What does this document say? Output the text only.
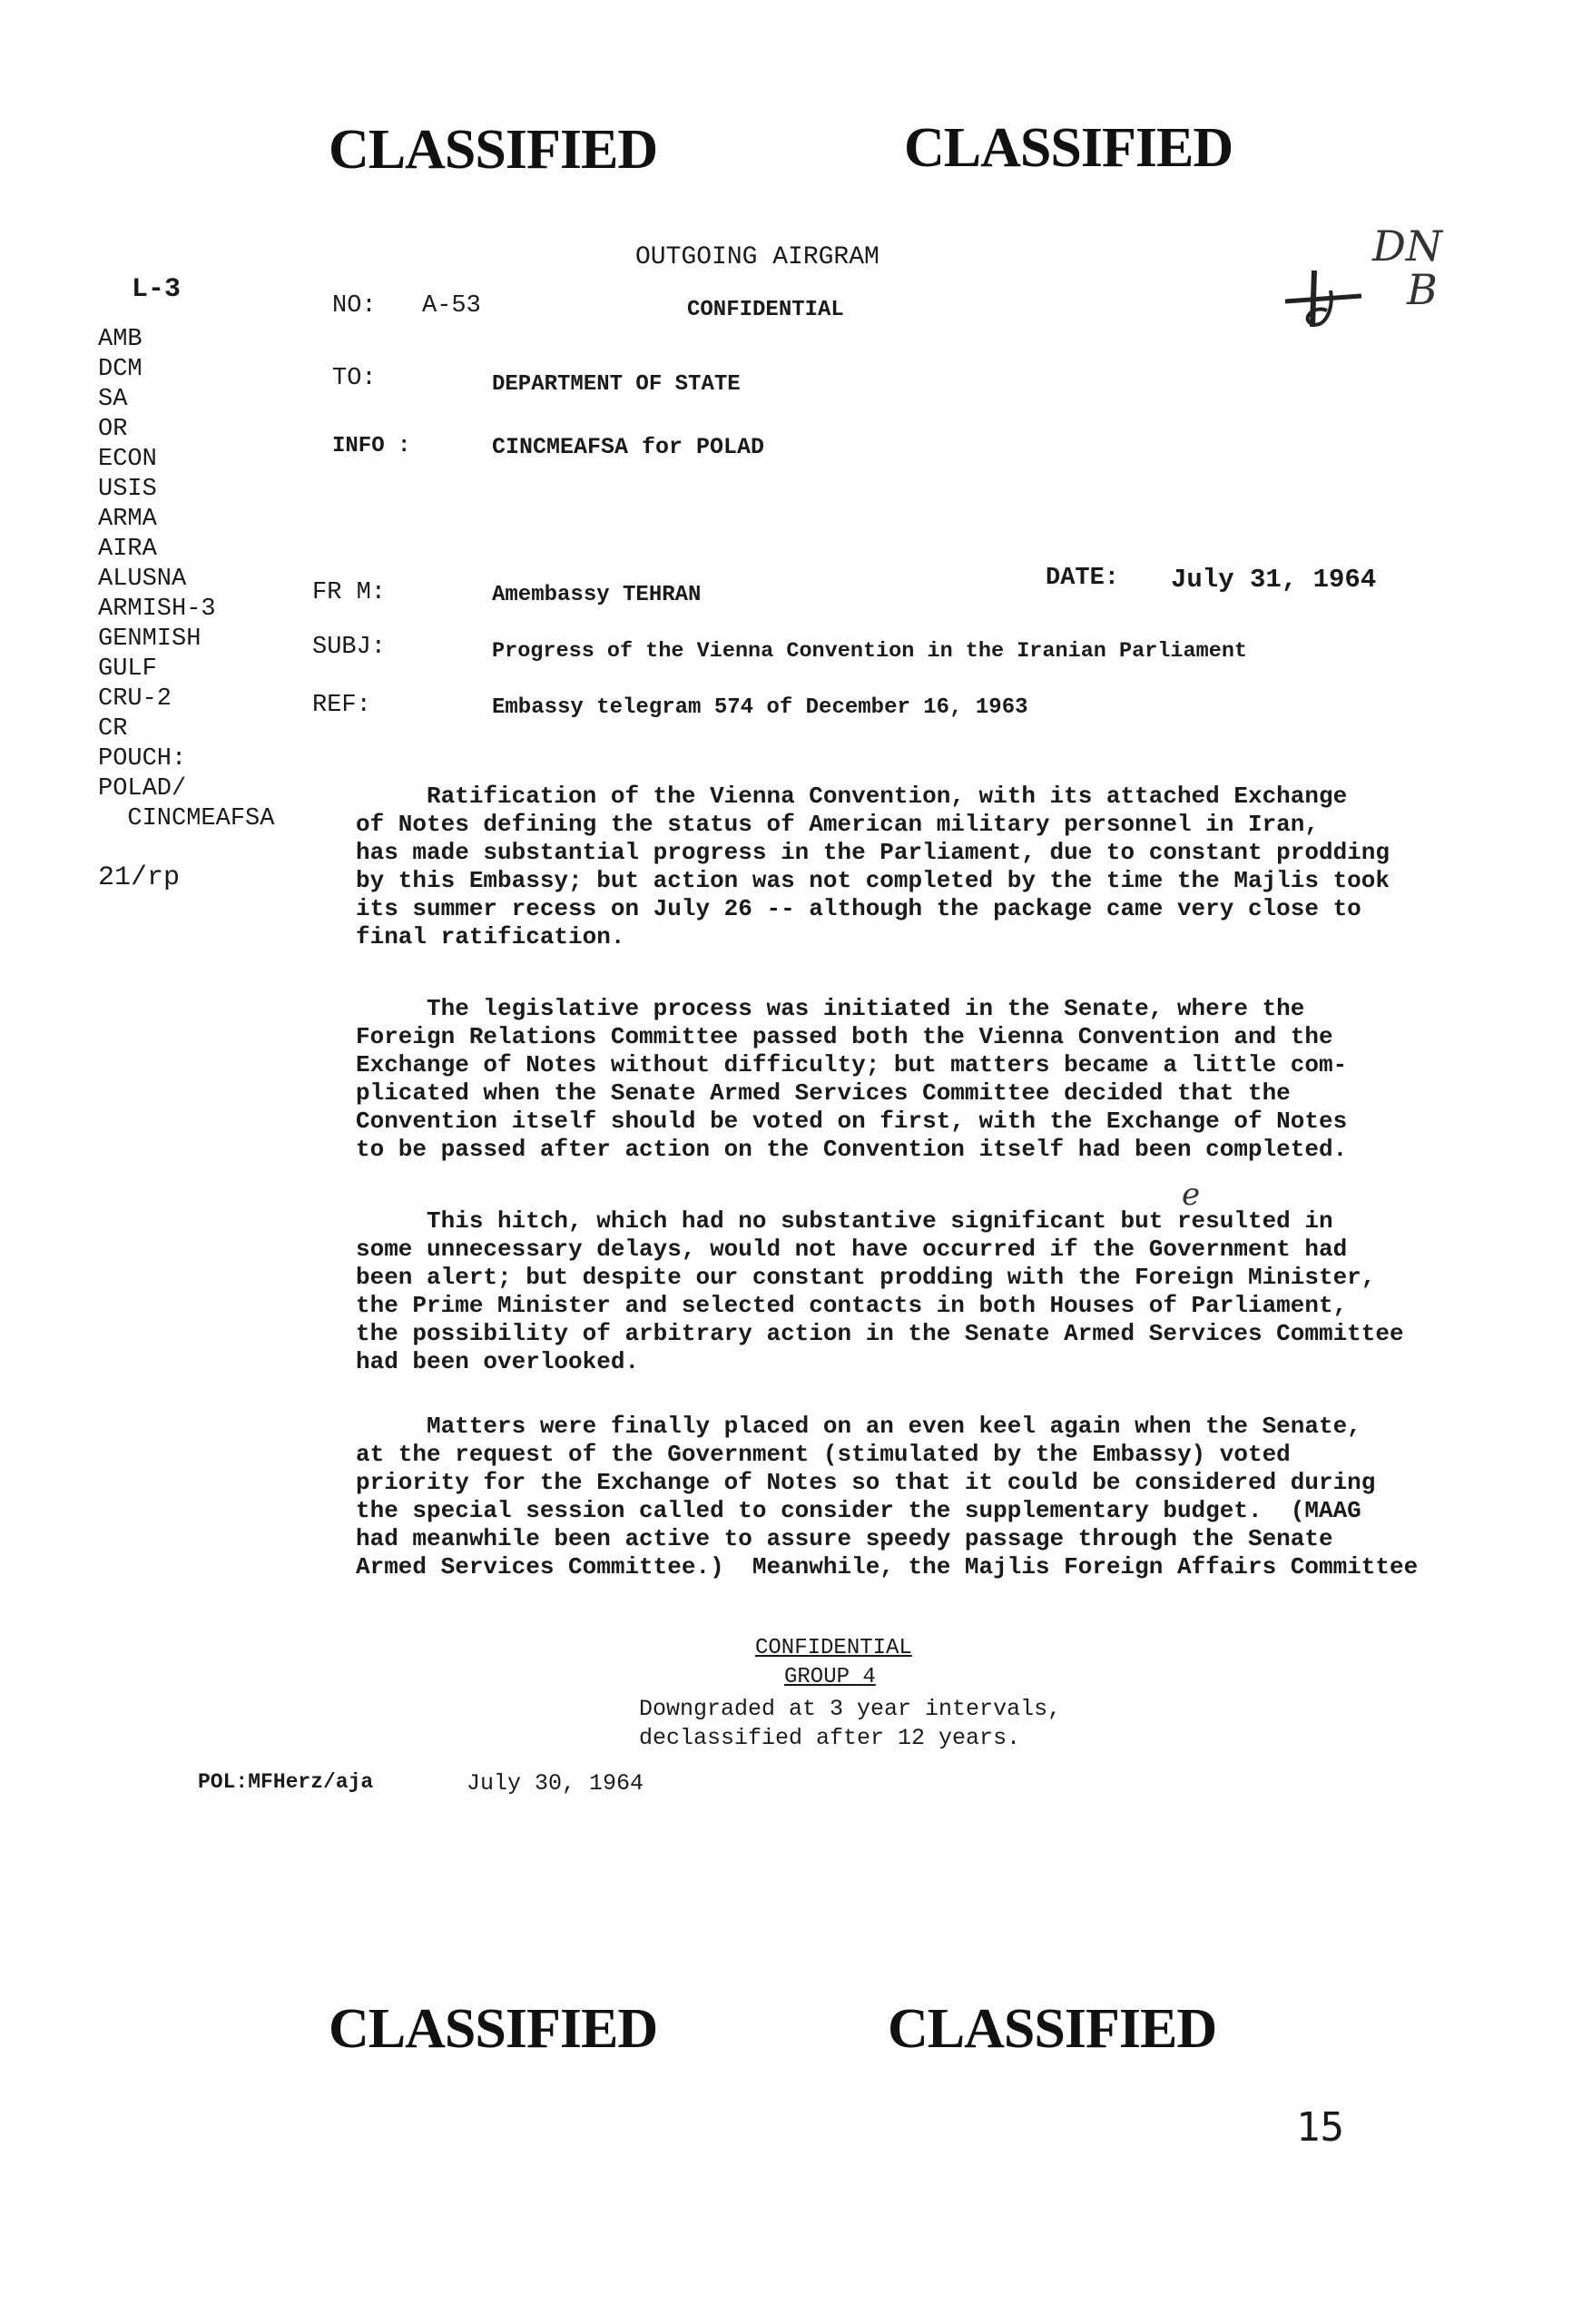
CLASSIFIED	CLASSIFIED
OUTGOING AIRGRAM
L-3
DN
B
NO: A-53	CONFIDENTIAL
TO:	DEPARTMENT OF STATE
INFO :	CINCMEAFSA for POLAD
AMB
DCM
SA
OR
ECON
USIS
ARMA
AIRA
ALUSNA
ARMISH-3
GENMISH
GULF
CRU-2
CR
POUCH:
POLAD/
CINCMEAFSA
21/rp
FR M:	Amembassy TEHRAN
DATE: July 31, 1964
SUBJ:	Progress of the Vienna Convention in the Iranian Parliament
REF:	Embassy telegram 574 of December 16, 1963
Ratification of the Vienna Convention, with its attached Exchange
of Notes defining the status of American military personnel in Iran,
has made substantial progress in the Parliament, due to constant prodding
by this Embassy; but action was not completed by the time the Majlis took
its summer recess on July 26 -- although the package came very close to
final ratification.
The legislative process was initiated in the Senate, where the
Foreign Relations Committee passed both the Vienna Convention and the
Exchange of Notes without difficulty; but matters became a little com-
plicated when the Senate Armed Services Committee decided that the
Convention itself should be voted on first, with the Exchange of Notes
to be passed after action on the Convention itself had been completed.
e
This hitch, which had no substantive significant but resulted in
some unnecessary delays, would not have occurred if the Government had
been alert; but despite our constant prodding with the Foreign Minister,
the Prime Minister and selected contacts in both Houses of Parliament,
the possibility of arbitrary action in the Senate Armed Services Committee
had been overlooked.
Matters were finally placed on an even keel again when the Senate,
at the request of the Government (stimulated by the Embassy) voted
priority for the Exchange of Notes so that it could be considered during
the special session called to consider the supplementary budget.  (MAAG
had meanwhile been active to assure speedy passage through the Senate
Armed Services Committee.)  Meanwhile, the Majlis Foreign Affairs Committee
CONFIDENTIAL
GROUP 4
Downgraded at 3 year intervals,
declassified after 12 years.
POL:MFHerz/aja	July 30, 1964
CLASSIFIED	CLASSIFIED
15
